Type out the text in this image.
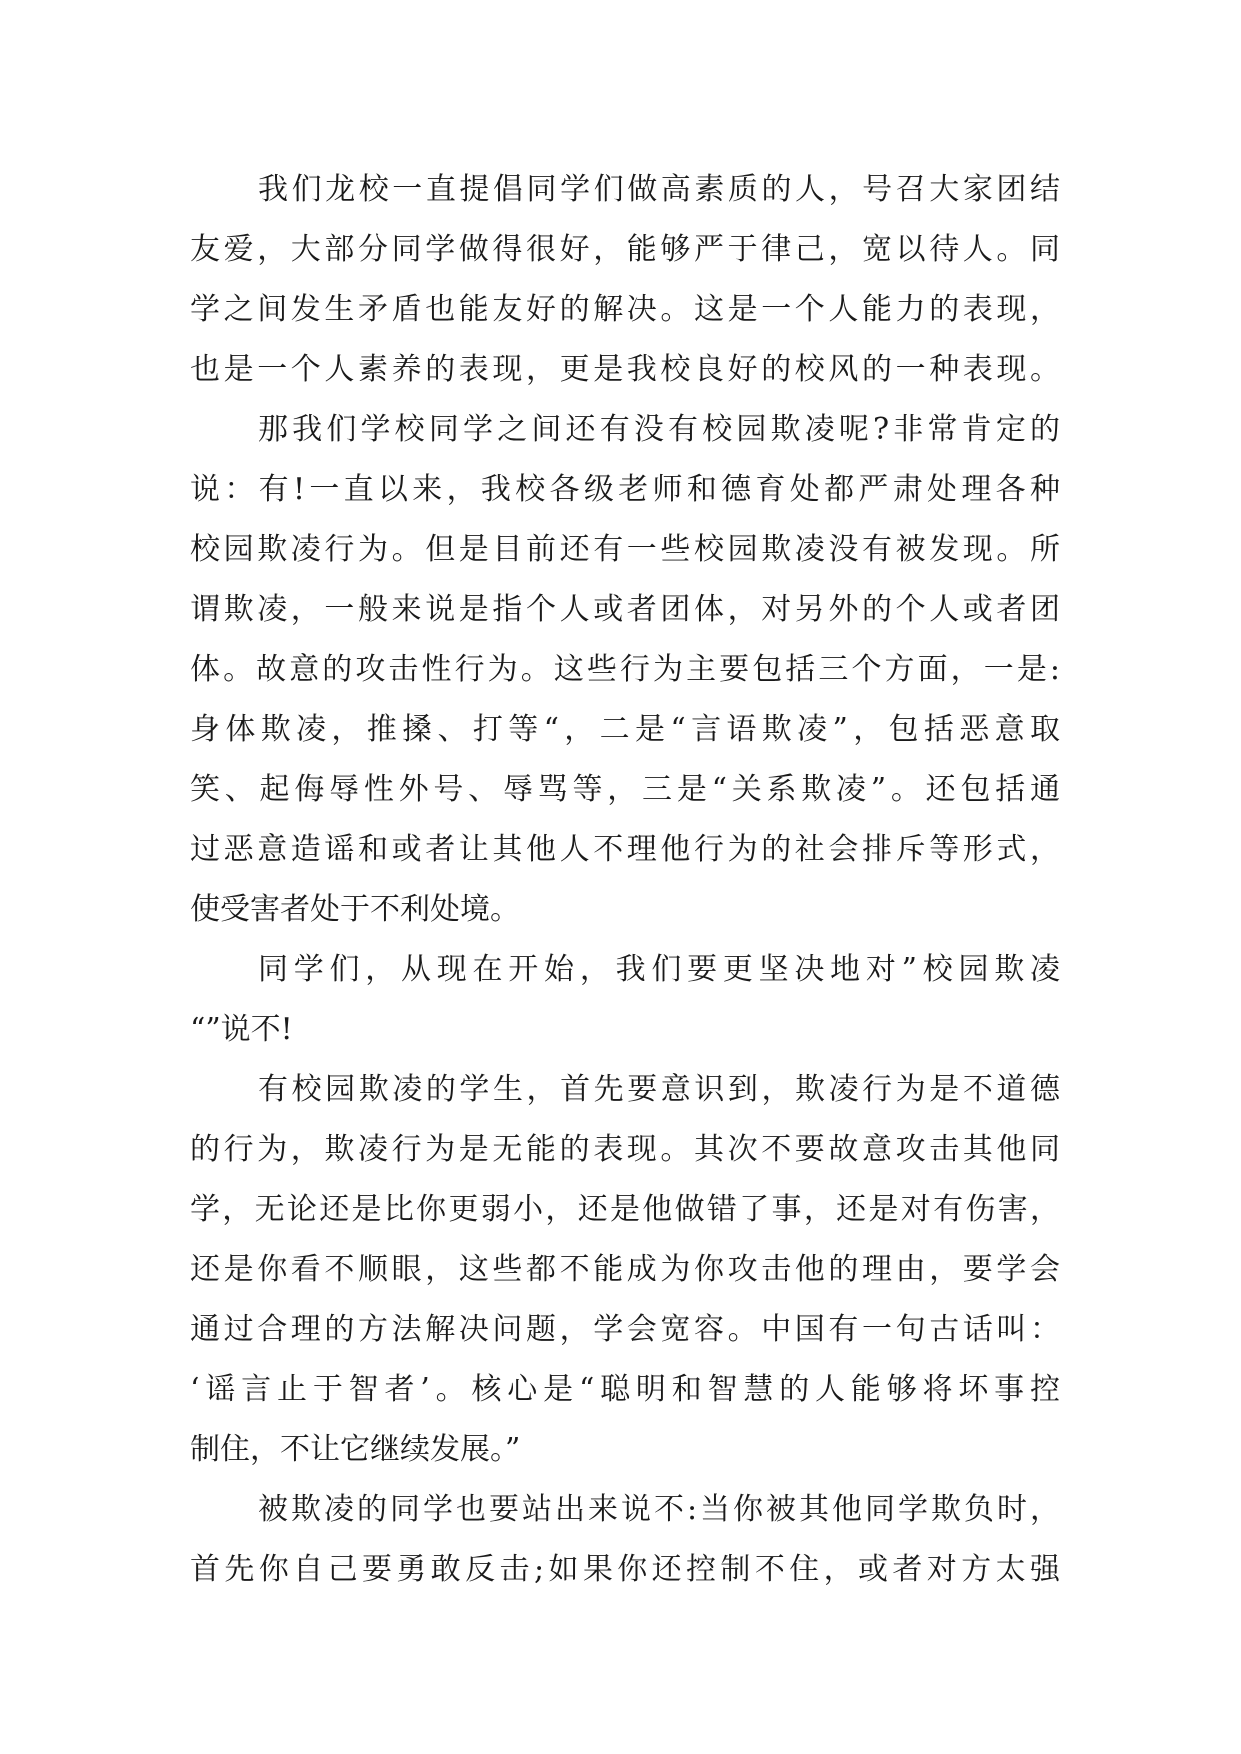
我们龙校一直提倡同学们做高素质的人，号召大家团结
友爱，大部分同学做得很好，能够严于律己，宽以待人。同
学之间发生矛盾也能友好的解决。这是一个人能力的表现，
也是一个人素养的表现，更是我校良好的校风的一种表现。
那我们学校同学之间还有没有校园欺凌呢?非常肯定的
说：有!一直以来，我校各级老师和德育处都严肃处理各种
校园欺凌行为。但是目前还有一些校园欺凌没有被发现。所
谓欺凌，一般来说是指个人或者团体，对另外的个人或者团
体。故意的攻击性行为。这些行为主要包括三个方面，一是:
身体欺凌，推搡、打等“，二是“言语欺凌”，包括恶意取
笑、起侮辱性外号、辱骂等，三是“关系欺凌”。还包括通
过恶意造谣和或者让其他人不理他行为的社会排斥等形式，
使受害者处于不利处境。
同学们，从现在开始，我们要更坚决地对”校园欺凌
“”说不!
有校园欺凌的学生，首先要意识到，欺凌行为是不道德
的行为，欺凌行为是无能的表现。其次不要故意攻击其他同
学，无论还是比你更弱小，还是他做错了事，还是对有伤害，
还是你看不顺眼，这些都不能成为你攻击他的理由，要学会
通过合理的方法解决问题，学会宽容。中国有一句古话叫：
‘谣言止于智者’。核心是“聪明和智慧的人能够将坏事控
制住，不让它继续发展。”
被欺凌的同学也要站出来说不:当你被其他同学欺负时，
首先你自己要勇敢反击;如果你还控制不住，或者对方太强
